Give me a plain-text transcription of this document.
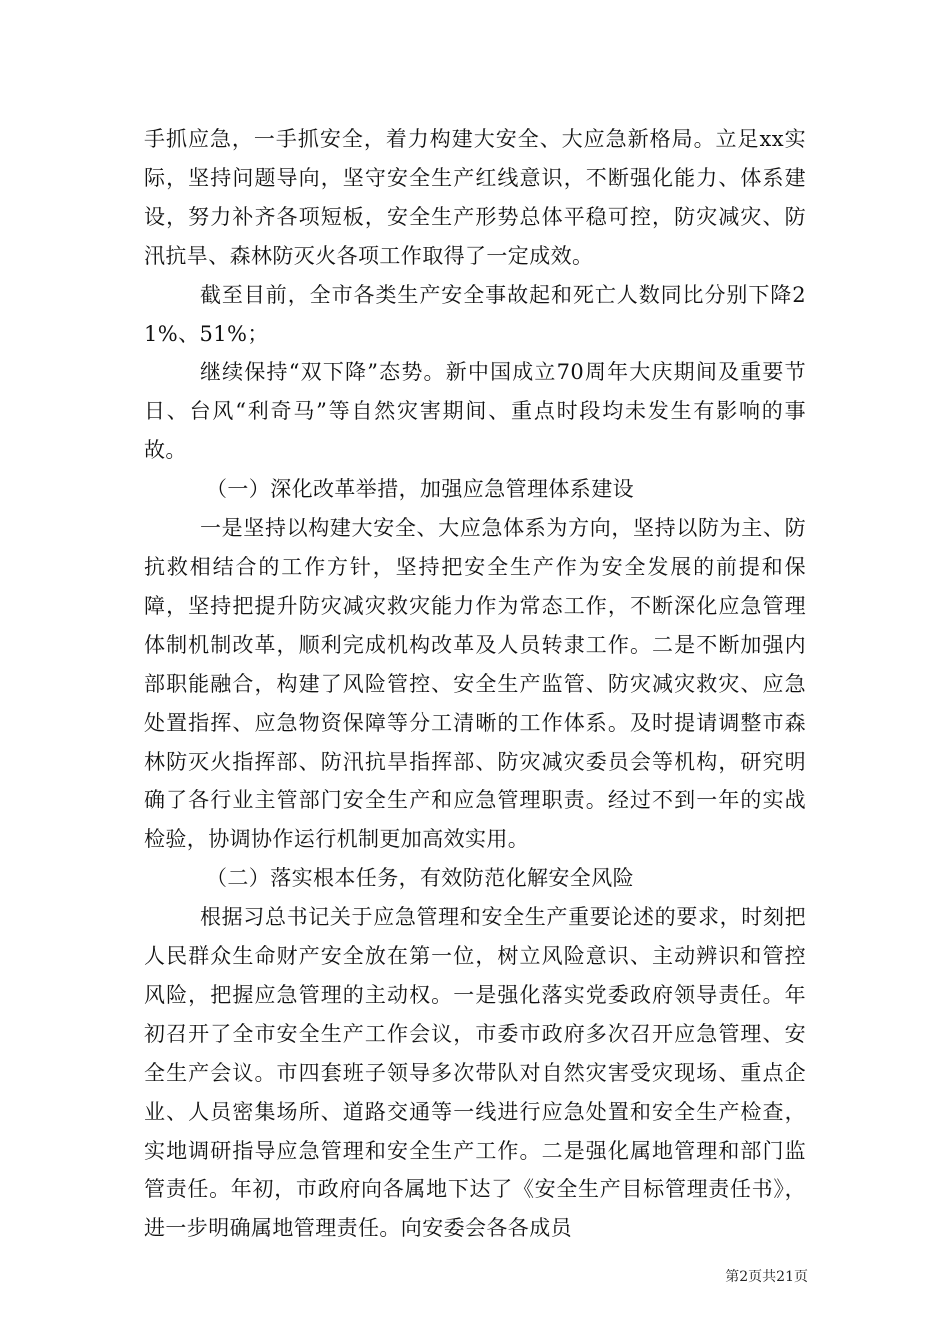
手抓应急，一手抓安全，着力构建大安全、大应急新格局。立足xx实际，坚持问题导向，坚守安全生产红线意识，不断强化能力、体系建设，努力补齐各项短板，安全生产形势总体平稳可控，防灾减灾、防汛抗旱、森林防灭火各项工作取得了一定成效。

截至目前，全市各类生产安全事故起和死亡人数同比分别下降21%、51%；

继续保持“双下降”态势。新中国成立70周年大庆期间及重要节日、台风“利奇马”等自然灾害期间、重点时段均未发生有影响的事故。

（一）深化改革举措，加强应急管理体系建设

一是坚持以构建大安全、大应急体系为方向，坚持以防为主、防抗救相结合的工作方针，坚持把安全生产作为安全发展的前提和保障，坚持把提升防灾减灾救灾能力作为常态工作，不断深化应急管理体制机制改革，顺利完成机构改革及人员转隶工作。二是不断加强内部职能融合，构建了风险管控、安全生产监管、防灾减灾救灾、应急处置指挥、应急物资保障等分工清晰的工作体系。及时提请调整市森林防灭火指挥部、防汛抗旱指挥部、防灾减灾委员会等机构，研究明确了各行业主管部门安全生产和应急管理职责。经过不到一年的实战检验，协调协作运行机制更加高效实用。

（二）落实根本任务，有效防范化解安全风险

根据习总书记关于应急管理和安全生产重要论述的要求，时刻把人民群众生命财产安全放在第一位，树立风险意识、主动辨识和管控风险，把握应急管理的主动权。一是强化落实党委政府领导责任。年初召开了全市安全生产工作会议，市委市政府多次召开应急管理、安全生产会议。市四套班子领导多次带队对自然灾害受灾现场、重点企业、人员密集场所、道路交通等一线进行应急处置和安全生产检查，实地调研指导应急管理和安全生产工作。二是强化属地管理和部门监管责任。年初，市政府向各属地下达了《安全生产目标管理责任书》，进一步明确属地管理责任。向安委会各各成员

第2页共21页
